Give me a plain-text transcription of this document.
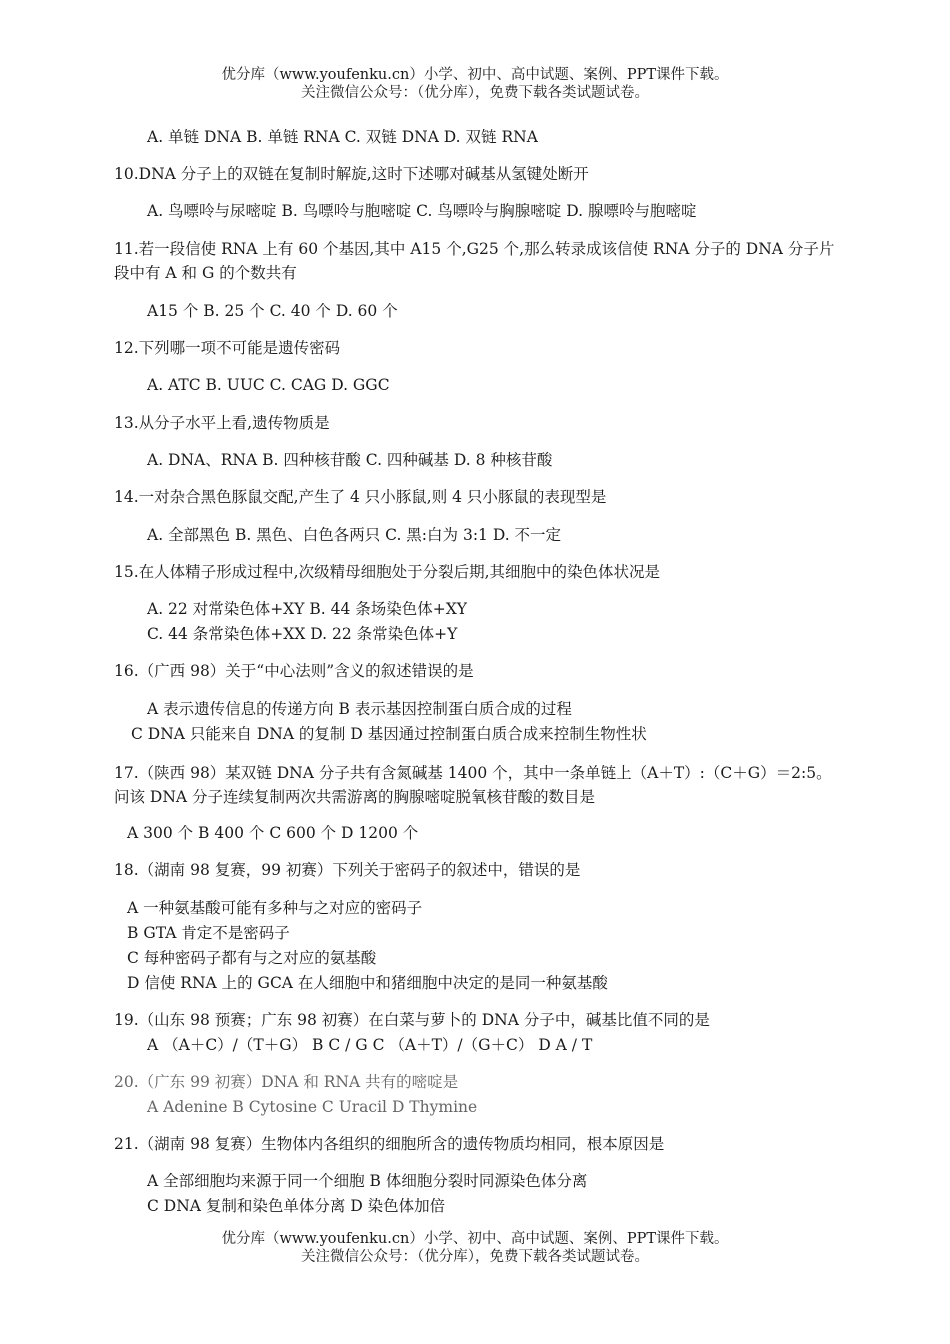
优分库（www.youfenku.cn）小学、初中、高中试题、案例、PPT课件下载。
关注微信公众号：（优分库），免费下载各类试题试卷。
A. 单链 DNA B. 单链 RNA C. 双链 DNA D. 双链 RNA
10.DNA 分子上的双链在复制时解旋,这时下述哪对碱基从氢键处断开
A. 鸟嘌呤与尿嘧啶 B. 鸟嘌呤与胞嘧啶 C. 鸟嘌呤与胸腺嘧啶 D. 腺嘌呤与胞嘧啶
11.若一段信使 RNA 上有 60 个基因,其中 A15 个,G25 个,那么转录成该信使 RNA 分子的 DNA 分子片段中有 A 和 G 的个数共有
A15 个 B. 25 个 C. 40 个 D. 60 个
12.下列哪一项不可能是遗传密码
A. ATC B. UUC C. CAG D. GGC
13.从分子水平上看,遗传物质是
A. DNA、RNA B. 四种核苷酸 C. 四种碱基 D. 8 种核苷酸
14.一对杂合黑色豚鼠交配,产生了 4 只小豚鼠,则 4 只小豚鼠的表现型是
A. 全部黑色 B. 黑色、白色各两只 C. 黑:白为 3:1 D. 不一定
15.在人体精子形成过程中,次级精母细胞处于分裂后期,其细胞中的染色体状况是
A. 22 对常染色体+XY B. 44 条场染色体+XY
C. 44 条常染色体+XX D. 22 条常染色体+Y
16.（广西 98）关于“中心法则”含义的叙述错误的是
A 表示遗传信息的传递方向 B 表示基因控制蛋白质合成的过程
C DNA 只能来自 DNA 的复制 D 基因通过控制蛋白质合成来控制生物性状
17.（陕西 98）某双链 DNA 分子共有含氮碱基 1400 个，其中一条单链上（A＋T）:（C＋G）＝2:5。问该 DNA 分子连续复制两次共需游离的胸腺嘧啶脱氧核苷酸的数目是
A 300 个 B 400 个 C 600 个 D 1200 个
18.（湖南 98 复赛，99 初赛）下列关于密码子的叙述中，错误的是
A 一种氨基酸可能有多种与之对应的密码子
B GTA 肯定不是密码子
C 每种密码子都有与之对应的氨基酸
D 信使 RNA 上的 GCA 在人细胞中和猪细胞中决定的是同一种氨基酸
19.（山东 98 预赛；广东 98 初赛）在白菜与萝卜的 DNA 分子中，碱基比值不同的是
A （A＋C）/（T＋G） B C / G C （A＋T）/（G＋C） D A / T
20.（广东 99 初赛）DNA 和 RNA 共有的嘧啶是
A Adenine B Cytosine C Uracil D Thymine
21.（湖南 98 复赛）生物体内各组织的细胞所含的遗传物质均相同，根本原因是
A 全部细胞均来源于同一个细胞 B 体细胞分裂时同源染色体分离
C DNA 复制和染色单体分离 D 染色体加倍
优分库（www.youfenku.cn）小学、初中、高中试题、案例、PPT课件下载。
关注微信公众号：（优分库），免费下载各类试题试卷。
